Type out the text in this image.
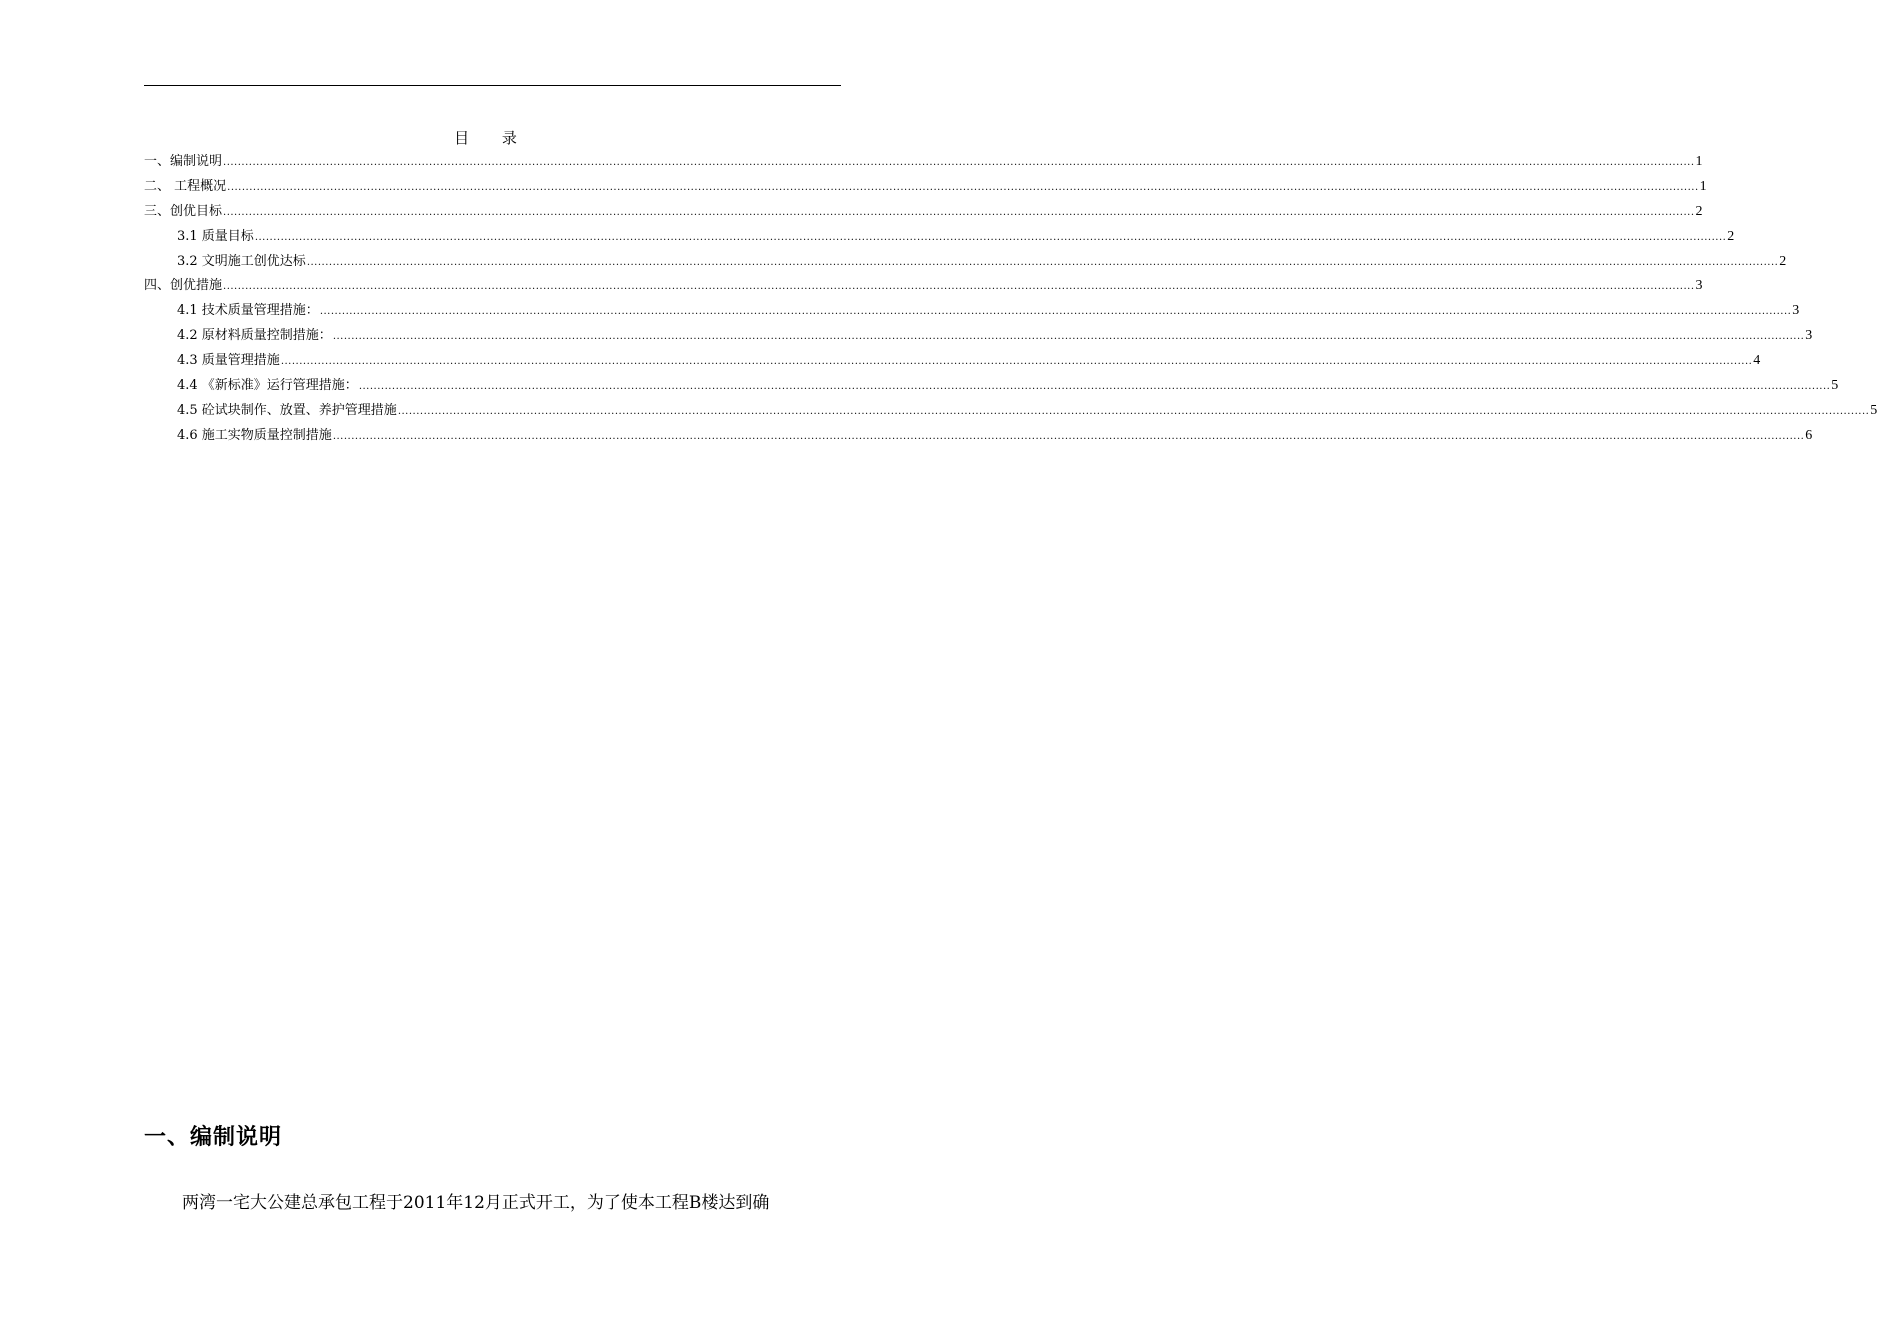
目 录
一、编制说明 ................................................................................................................................................................................................................................................................................................................................................................................................................ 1
二、 工程概况 ................................................................................................................................................................................................................................................................................................................................................................................................................ 1
三、创优目标 ................................................................................................................................................................................................................................................................................................................................................................................................................ 2
3.1 质量目标 ................................................................................................................................................................................................................................................................................................................................................................................................................ 2
3.2 文明施工创优达标 ................................................................................................................................................................................................................................................................................................................................................................................................................ 2
四、创优措施 ................................................................................................................................................................................................................................................................................................................................................................................................................ 3
4.1 技术质量管理措施： ................................................................................................................................................................................................................................................................................................................................................................................................................ 3
4.2 原材料质量控制措施： ................................................................................................................................................................................................................................................................................................................................................................................................................ 3
4.3 质量管理措施 ................................................................................................................................................................................................................................................................................................................................................................................................................ 4
4.4 《新标准》运行管理措施： ................................................................................................................................................................................................................................................................................................................................................................................................................ 5
4.5 砼试块制作、放置、养护管理措施 ................................................................................................................................................................................................................................................................................................................................................................................................................ 5
4.6 施工实物质量控制措施 ................................................................................................................................................................................................................................................................................................................................................................................................................ 6
一、编制说明

两湾一宅大公建总承包工程于2011年12月正式开工，为了使本工程B楼达到确
